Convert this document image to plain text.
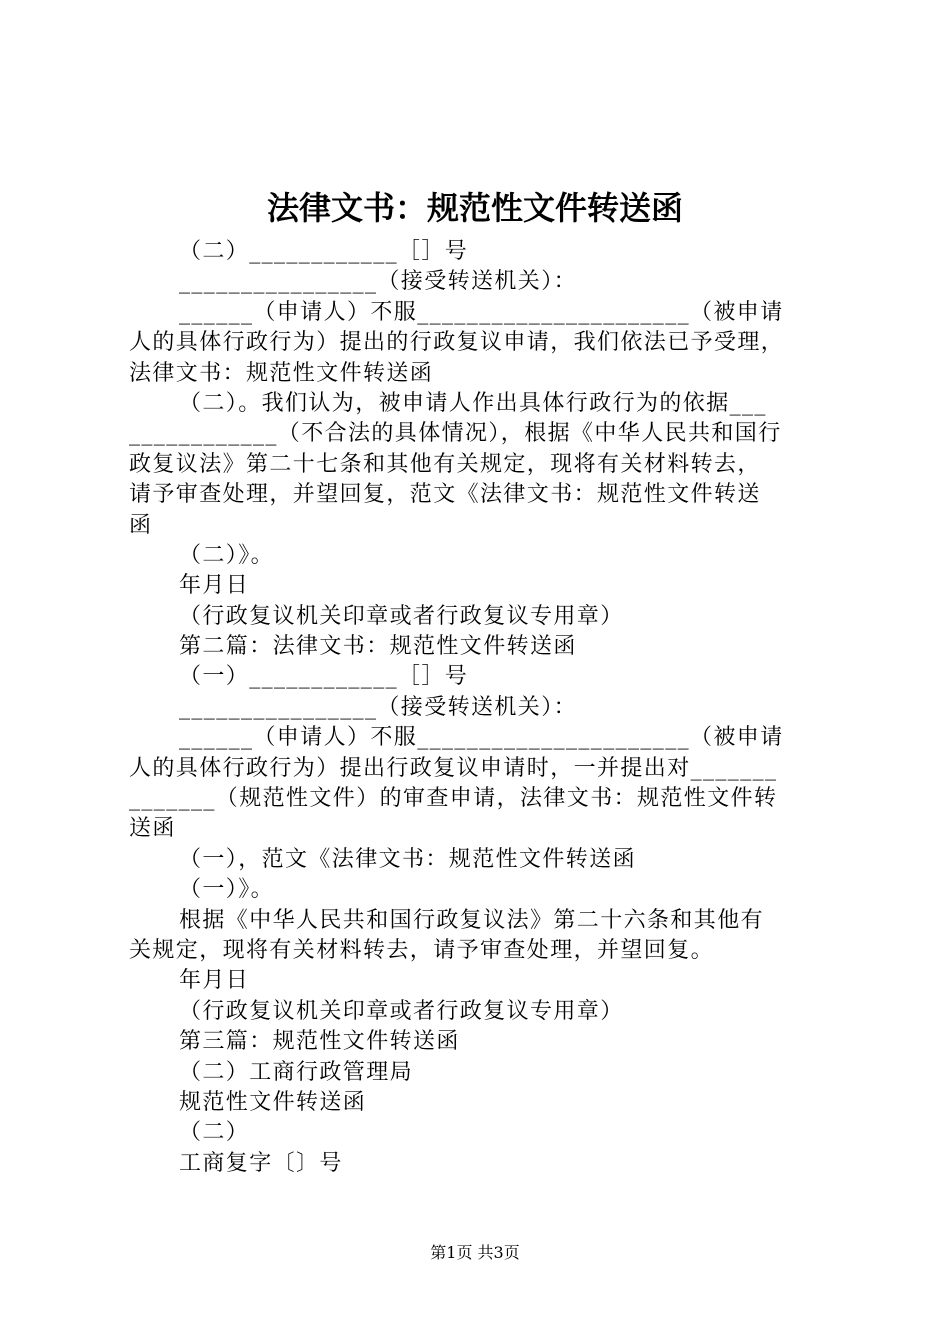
法律文书：规范性文件转送函
（二）____________［］号
________________（接受转送机关）：
______（申请人）不服______________________（被申请
人的具体行政行为）提出的行政复议申请，我们依法已予受理，
法律文书：规范性文件转送函
（二）。我们认为，被申请人作出具体行政行为的依据___
____________（不合法的具体情况），根据《中华人民共和国行
政复议法》第二十七条和其他有关规定，现将有关材料转去，
请予审查处理，并望回复，范文《法律文书：规范性文件转送
函
（二）》。
年月日
（行政复议机关印章或者行政复议专用章）
第二篇：法律文书：规范性文件转送函
（一）____________［］号
________________（接受转送机关）：
______（申请人）不服______________________（被申请
人的具体行政行为）提出行政复议申请时，一并提出对_______
_______（规范性文件）的审查申请，法律文书：规范性文件转
送函
（一），范文《法律文书：规范性文件转送函
（一）》。
根据《中华人民共和国行政复议法》第二十六条和其他有
关规定，现将有关材料转去，请予审查处理，并望回复。
年月日
（行政复议机关印章或者行政复议专用章）
第三篇：规范性文件转送函
（二）工商行政管理局
规范性文件转送函
（二）
工商复字〔〕号
第1页 共3页
